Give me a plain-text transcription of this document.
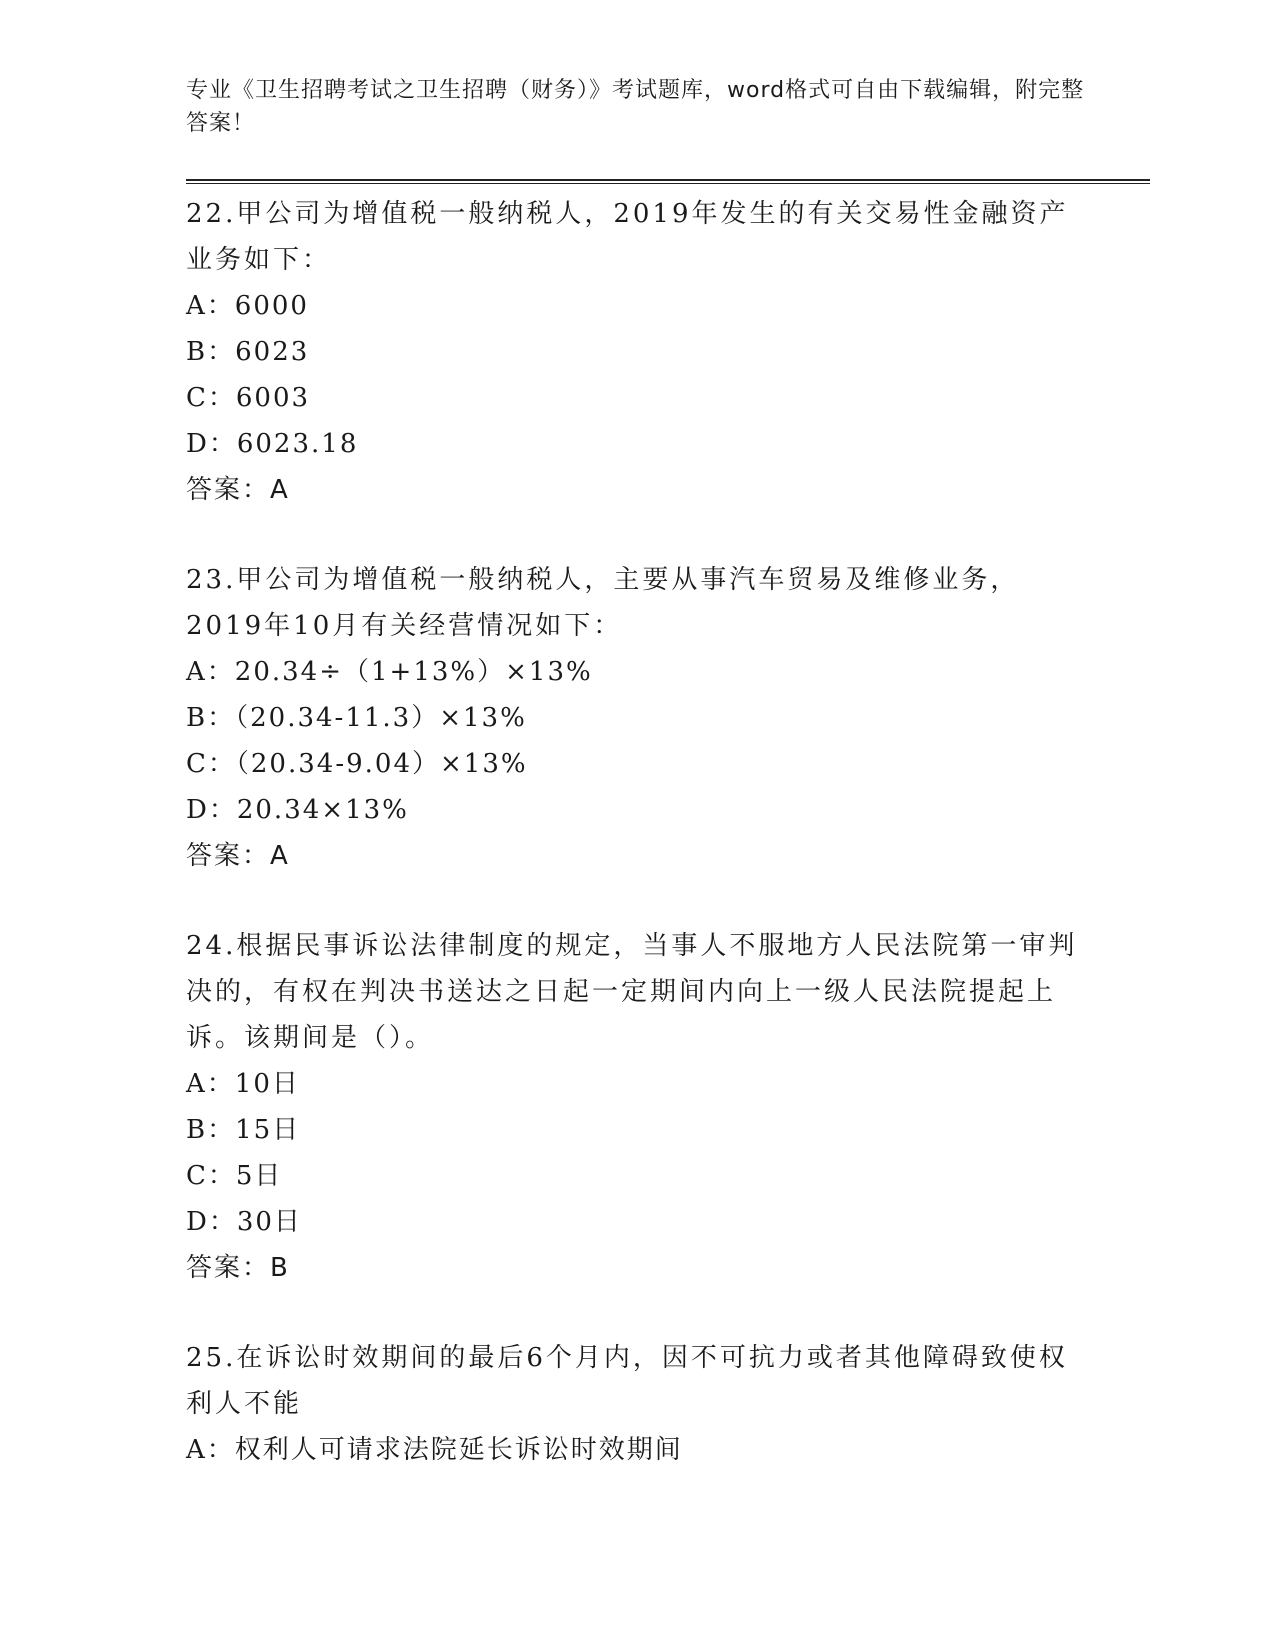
专业《卫生招聘考试之卫生招聘（财务）》考试题库，word格式可自由下载编辑，附完整答案！

22.甲公司为增值税一般纳税人，2019年发生的有关交易性金融资产业务如下：

A：6000

B：6023

C：6003

D：6023.18

答案：A

23.甲公司为增值税一般纳税人，主要从事汽车贸易及维修业务，2019年10月有关经营情况如下：

A：20.34÷（1+13%）×13%

B：（20.34-11.3）×13%

C：（20.34-9.04）×13%

D：20.34×13%

答案：A

24.根据民事诉讼法律制度的规定，当事人不服地方人民法院第一审判决的，有权在判决书送达之日起一定期间内向上一级人民法院提起上诉。该期间是（）。

A：10日

B：15日

C：5日

D：30日

答案：B

25.在诉讼时效期间的最后6个月内，因不可抗力或者其他障碍致使权利人不能

A：权利人可请求法院延长诉讼时效期间
